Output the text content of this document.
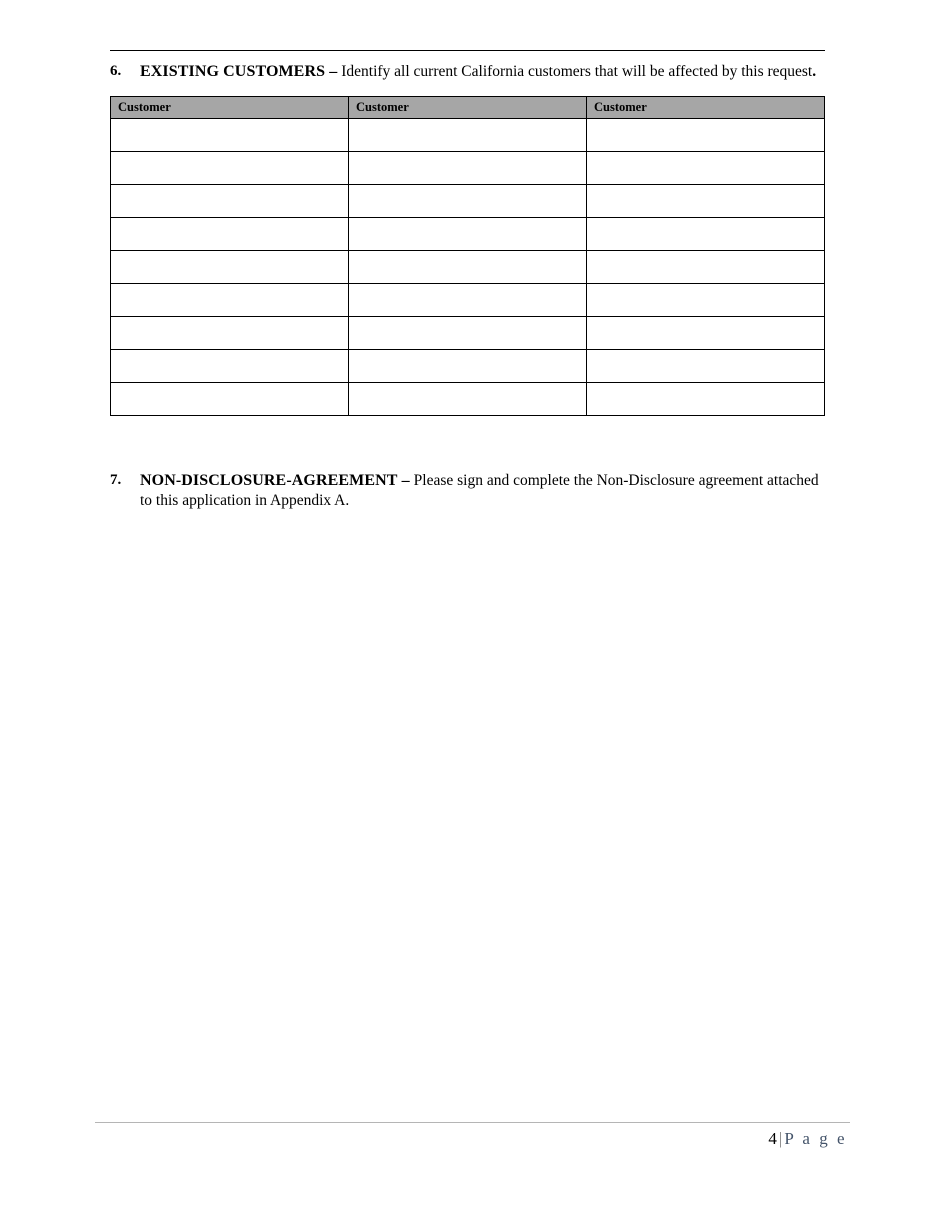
6.	EXISTING CUSTOMERS – Identify all current California customers that will be affected by this request.
Customer	Customer	Customer

7.	NON-DISCLOSURE-AGREEMENT – Please sign and complete the Non-Disclosure agreement attached to this application in Appendix A.
4 | P a g e
